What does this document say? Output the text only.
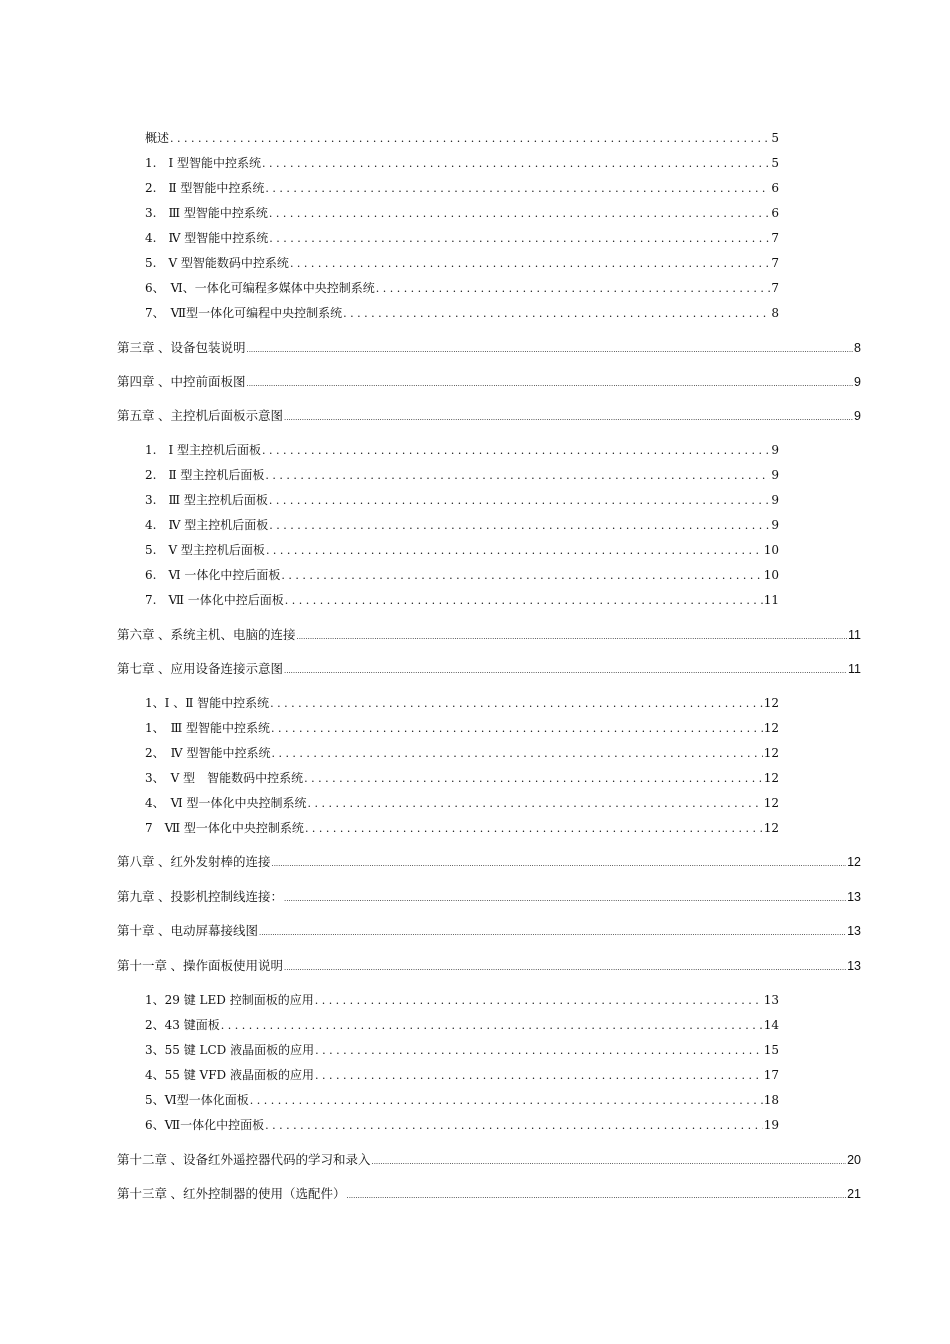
概述 . . .	5
1.　Ⅰ 型智能中控系统 . . .	5
2.　Ⅱ 型智能中控系统 . . .	6
3.　Ⅲ 型智能中控系统 . . .	6
4.　Ⅳ 型智能中控系统 . . .	7
5.　Ⅴ 型智能数码中控系统 . . .	7
6、　Ⅵ、一体化可编程多媒体中央控制系统 . . .	7
7、　Ⅶ型一体化可编程中央控制系统 . . .	8
第三章 、设备包装说明 .....	8
第四章 、中控前面板图 .....	9
第五章 、主控机后面板示意图 .....	9
1.　Ⅰ 型主控机后面板 . . .	9
2.　Ⅱ 型主控机后面板 . . .	9
3.　Ⅲ 型主控机后面板 . . .	9
4.　Ⅳ 型主控机后面板 . . .	9
5.　Ⅴ 型主控机后面板 . . .	10
6.　Ⅵ 一体化中控后面板 . . .	10
7.　Ⅶ 一体化中控后面板 . . .	11
第六章 、系统主机、电脑的连接 .....	11
第七章 、应用设备连接示意图 .....	11
1、Ⅰ 、Ⅱ 智能中控系统 . . .	12
1、　Ⅲ 型智能中控系统 . . .	12
2、　Ⅳ 型智能中控系统 . . .	12
3、　Ⅴ 型　智能数码中控系统 . . .	12
4、　Ⅵ 型一体化中央控制系统 . . .	12
7　Ⅶ 型一体化中央控制系统 . . .	12
第八章 、红外发射棒的连接 .....	12
第九章 、投影机控制线连接： .....	13
第十章 、电动屏幕接线图 .....	13
第十一章 、操作面板使用说明 .....	13
1、29 键 LED 控制面板的应用 . . .	13
2、43 键面板 . . .	14
3、55 键 LCD 液晶面板的应用 . . .	15
4、55 键 VFD 液晶面板的应用 . . .	17
5、Ⅵ型一体化面板 . . .	18
6、Ⅶ一体化中控面板 . . .	19
第十二章 、设备红外遥控器代码的学习和录入 .....	20
第十三章 、红外控制器的使用（选配件） .....	21
